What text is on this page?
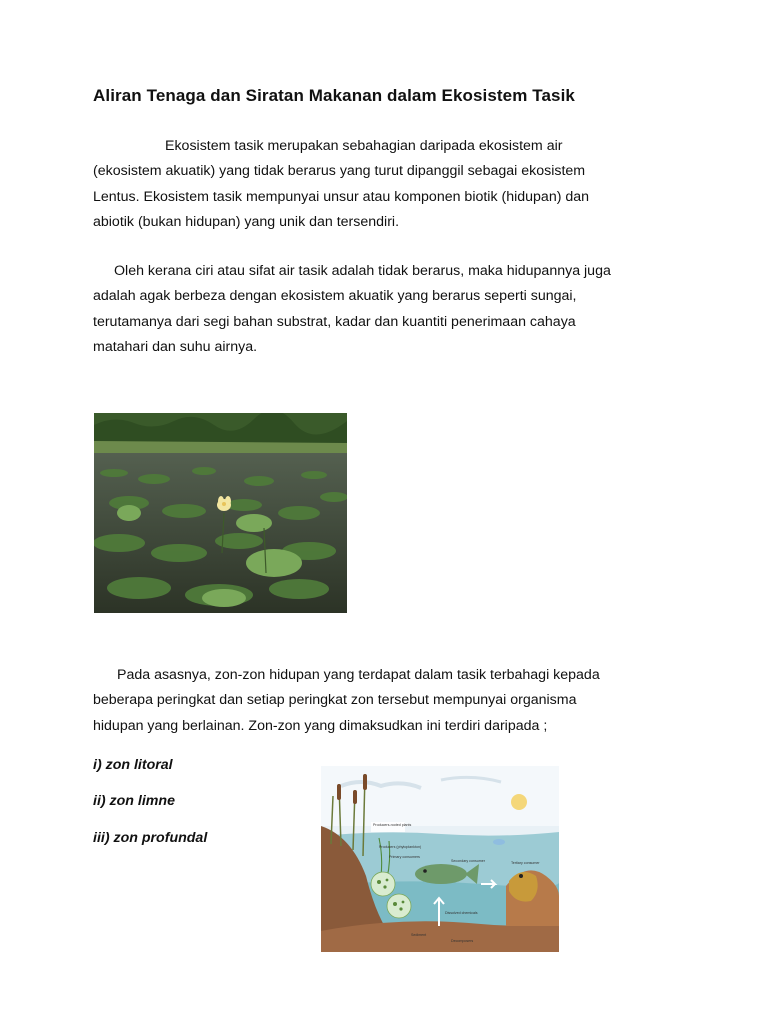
Aliran Tenaga dan Siratan Makanan dalam Ekosistem Tasik

Ekosistem tasik merupakan sebahagian daripada ekosistem air
(ekosistem akuatik) yang tidak berarus yang turut dipanggil sebagai ekosistem
Lentus. Ekosistem tasik mempunyai unsur atau komponen biotik (hidupan) dan
abiotik (bukan hidupan) yang unik dan tersendiri.

Oleh kerana ciri atau sifat air tasik adalah tidak berarus, maka hidupannya juga
adalah agak berbeza dengan ekosistem akuatik yang berarus seperti sungai,
terutamanya dari segi bahan substrat, kadar dan kuantiti penerimaan cahaya
matahari dan suhu airnya.

Pada asasnya, zon-zon hidupan yang terdapat dalam tasik terbahagi kepada
beberapa peringkat dan setiap peringkat zon tersebut mempunyai organisma
hidupan yang berlainan. Zon-zon yang dimaksudkan ini terdiri daripada ;

i) zon litoral

ii) zon limne

iii) zon profundal

Producers-rooted plants
Producers (phytoplankton)
Primary consumers
Secondary consumer	Tertiary consumer
Dissolved chemicals
Sediment
Decomposers
